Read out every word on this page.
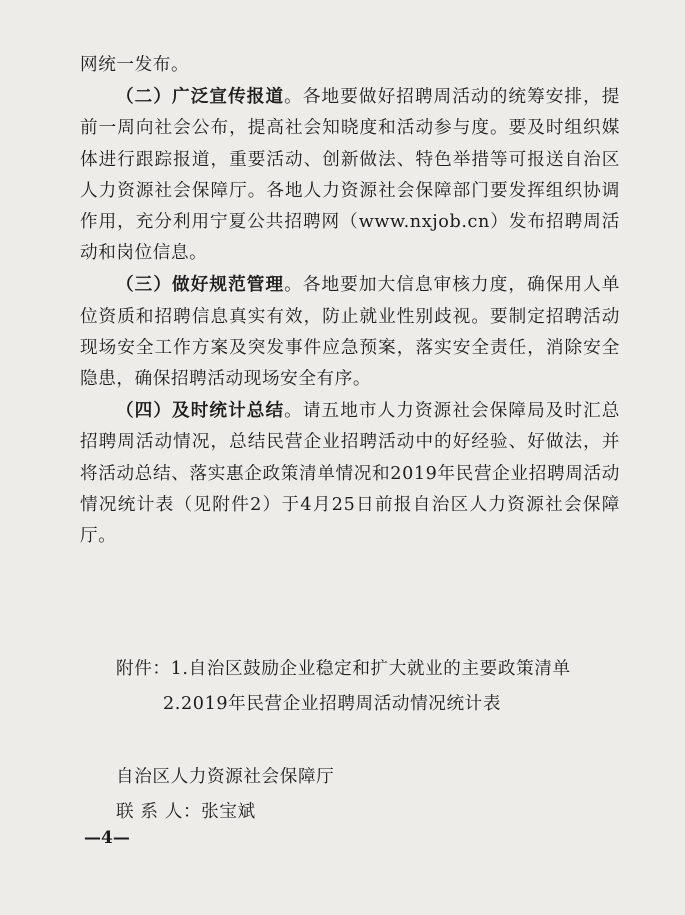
网统一发布。

（二）广泛宣传报道。各地要做好招聘周活动的统筹安排，提前一周向社会公布，提高社会知晓度和活动参与度。要及时组织媒体进行跟踪报道，重要活动、创新做法、特色举措等可报送自治区人力资源社会保障厅。各地人力资源社会保障部门要发挥组织协调作用，充分利用宁夏公共招聘网（www.nxjob.cn）发布招聘周活动和岗位信息。

（三）做好规范管理。各地要加大信息审核力度，确保用人单位资质和招聘信息真实有效，防止就业性别歧视。要制定招聘活动现场安全工作方案及突发事件应急预案，落实安全责任，消除安全隐患，确保招聘活动现场安全有序。

（四）及时统计总结。请五地市人力资源社会保障局及时汇总招聘周活动情况，总结民营企业招聘活动中的好经验、好做法，并将活动总结、落实惠企政策清单情况和2019年民营企业招聘周活动情况统计表（见附件2）于4月25日前报自治区人力资源社会保障厅。

附件：1.自治区鼓励企业稳定和扩大就业的主要政策清单
2.2019年民营企业招聘周活动情况统计表
自治区人力资源社会保障厅
联 系 人：张宝斌
—4—
